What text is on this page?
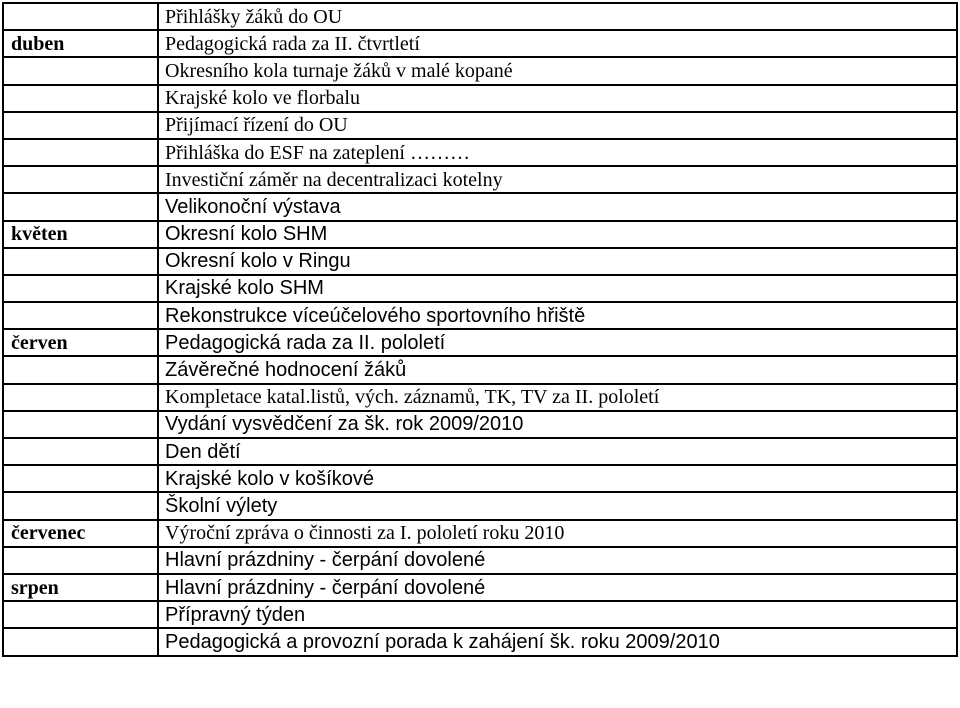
	Přihlášky žáků do OU
duben	Pedagogická rada za II. čtvrtletí
	Okresního kola turnaje žáků v malé kopané
	Krajské kolo ve florbalu
	Přijímací řízení do OU
	Přihláška do ESF na zateplení ………
	Investiční záměr na decentralizaci kotelny
	Velikonoční výstava
květen	Okresní kolo SHM
	Okresní kolo v Ringu
	Krajské kolo SHM
	Rekonstrukce víceúčelového sportovního hřiště
červen	Pedagogická rada za II. pololetí
	Závěrečné hodnocení žáků
	Kompletace katal.listů, vých. záznamů, TK, TV za II. pololetí
	Vydání vysvědčení za šk. rok 2009/2010
	Den dětí
	Krajské kolo v košíkové
	Školní výlety
červenec	Výroční zpráva o činnosti za I. pololetí roku 2010
	Hlavní prázdniny - čerpání dovolené
srpen	Hlavní prázdniny - čerpání dovolené
	Přípravný týden
	Pedagogická a provozní porada k zahájení šk. roku 2009/2010
